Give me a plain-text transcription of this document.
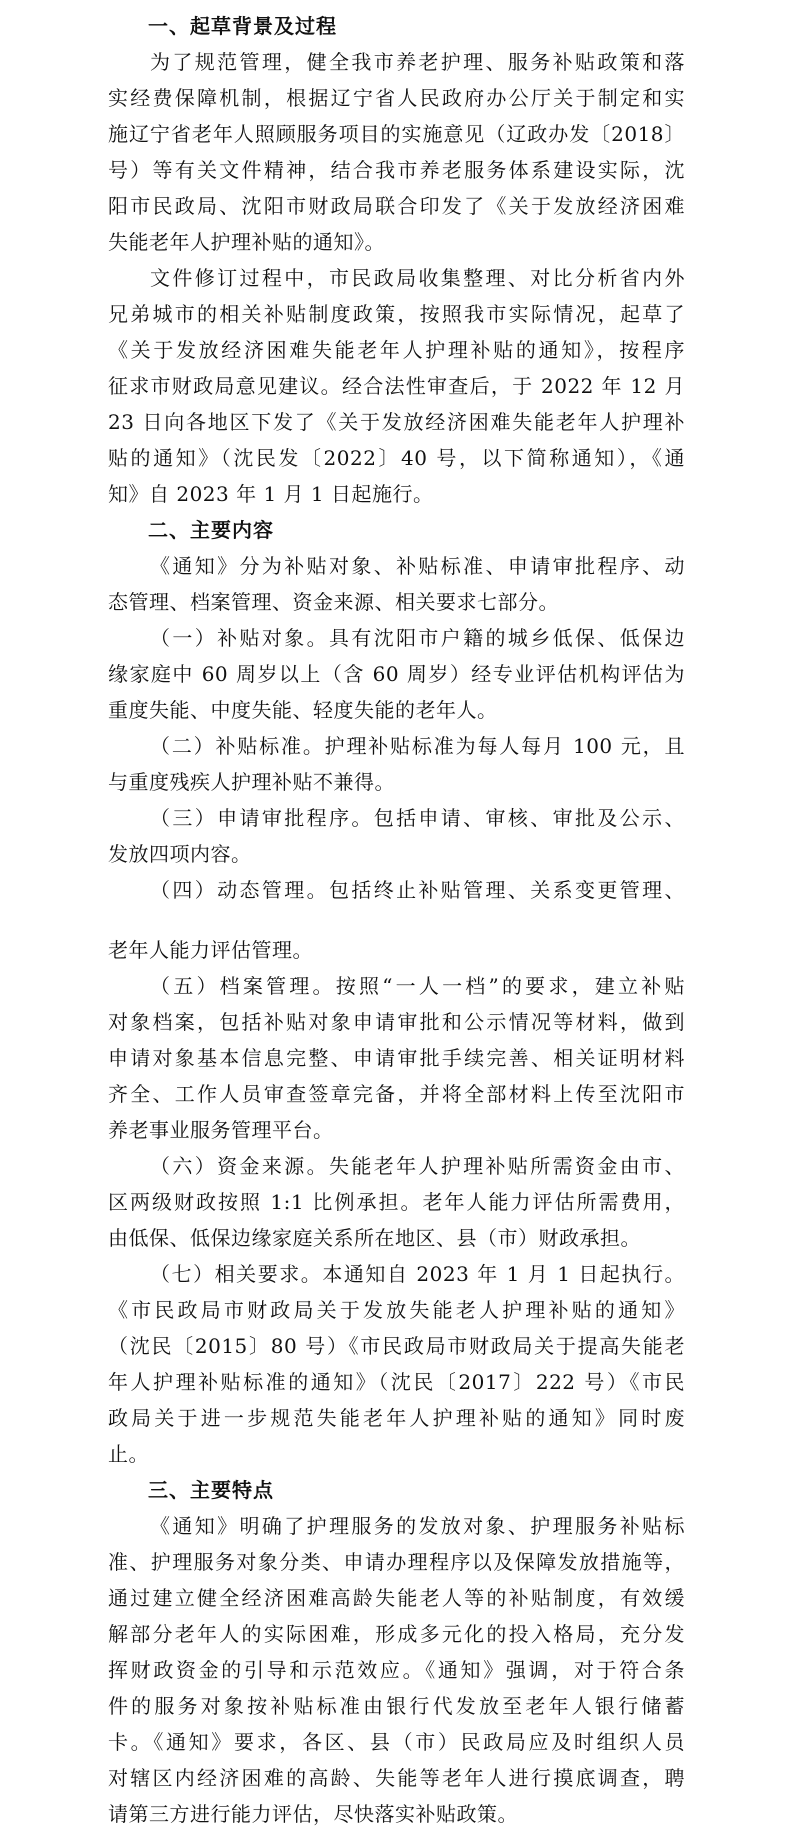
一、起草背景及过程
为了规范管理，健全我市养老护理、服务补贴政策和落
实经费保障机制，根据辽宁省人民政府办公厅关于制定和实
施辽宁省老年人照顾服务项目的实施意见（辽政办发〔2018〕
号）等有关文件精神，结合我市养老服务体系建设实际，沈
阳市民政局、沈阳市财政局联合印发了《关于发放经济困难
失能老年人护理补贴的通知》。
文件修订过程中，市民政局收集整理、对比分析省内外
兄弟城市的相关补贴制度政策，按照我市实际情况，起草了
《关于发放经济困难失能老年人护理补贴的通知》，按程序
征求市财政局意见建议。经合法性审查后，于 2022 年 12 月
23 日向各地区下发了《关于发放经济困难失能老年人护理补
贴的通知》（沈民发〔2022〕40 号，以下简称通知），《通
知》自 2023 年 1 月 1 日起施行。
二、主要内容
《通知》分为补贴对象、补贴标准、申请审批程序、动
态管理、档案管理、资金来源、相关要求七部分。
（一）补贴对象。具有沈阳市户籍的城乡低保、低保边
缘家庭中 60 周岁以上（含 60 周岁）经专业评估机构评估为
重度失能、中度失能、轻度失能的老年人。
（二）补贴标准。护理补贴标准为每人每月 100 元，且
与重度残疾人护理补贴不兼得。
（三）申请审批程序。包括申请、审核、审批及公示、
发放四项内容。
（四）动态管理。包括终止补贴管理、关系变更管理、
老年人能力评估管理。
（五）档案管理。按照“一人一档”的要求，建立补贴
对象档案，包括补贴对象申请审批和公示情况等材料，做到
申请对象基本信息完整、申请审批手续完善、相关证明材料
齐全、工作人员审查签章完备，并将全部材料上传至沈阳市
养老事业服务管理平台。
（六）资金来源。失能老年人护理补贴所需资金由市、
区两级财政按照 1:1 比例承担。老年人能力评估所需费用，
由低保、低保边缘家庭关系所在地区、县（市）财政承担。
（七）相关要求。本通知自 2023 年 1 月 1 日起执行。
《市民政局市财政局关于发放失能老人护理补贴的通知》
（沈民〔2015〕80 号）《市民政局市财政局关于提高失能老
年人护理补贴标准的通知》（沈民〔2017〕222 号）《市民
政局关于进一步规范失能老年人护理补贴的通知》同时废
止。
三、主要特点
《通知》明确了护理服务的发放对象、护理服务补贴标
准、护理服务对象分类、申请办理程序以及保障发放措施等，
通过建立健全经济困难高龄失能老人等的补贴制度，有效缓
解部分老年人的实际困难，形成多元化的投入格局，充分发
挥财政资金的引导和示范效应。《通知》强调，对于符合条
件的服务对象按补贴标准由银行代发放至老年人银行储蓄
卡。《通知》要求，各区、县（市）民政局应及时组织人员
对辖区内经济困难的高龄、失能等老年人进行摸底调查，聘
请第三方进行能力评估，尽快落实补贴政策。
